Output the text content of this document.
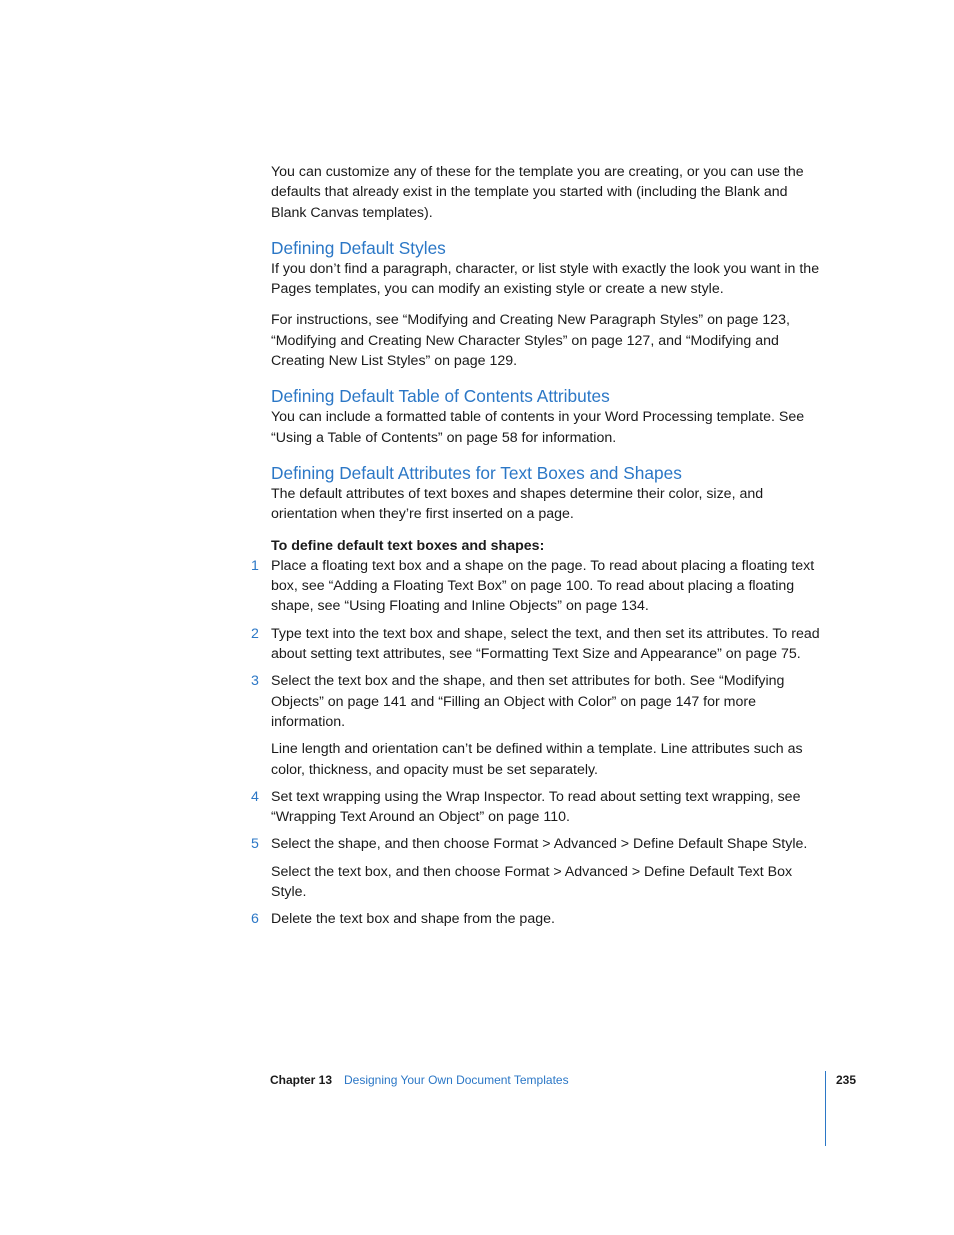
You can customize any of these for the template you are creating, or you can use the defaults that already exist in the template you started with (including the Blank and Blank Canvas templates).

Defining Default Styles

If you don’t find a paragraph, character, or list style with exactly the look you want in the Pages templates, you can modify an existing style or create a new style.

For instructions, see “Modifying and Creating New Paragraph Styles” on page 123, “Modifying and Creating New Character Styles” on page 127, and “Modifying and Creating New List Styles” on page 129.

Defining Default Table of Contents Attributes

You can include a formatted table of contents in your Word Processing template. See “Using a Table of Contents” on page 58 for information.

Defining Default Attributes for Text Boxes and Shapes

The default attributes of text boxes and shapes determine their color, size, and orientation when they’re first inserted on a page.

To define default text boxes and shapes:

1 Place a floating text box and a shape on the page. To read about placing a floating text box, see “Adding a Floating Text Box” on page 100. To read about placing a floating shape, see “Using Floating and Inline Objects” on page 134.

2 Type text into the text box and shape, select the text, and then set its attributes. To read about setting text attributes, see “Formatting Text Size and Appearance” on page 75.

3 Select the text box and the shape, and then set attributes for both. See “Modifying Objects” on page 141 and “Filling an Object with Color” on page 147 for more information.

Line length and orientation can’t be defined within a template. Line attributes such as color, thickness, and opacity must be set separately.

4 Set text wrapping using the Wrap Inspector. To read about setting text wrapping, see “Wrapping Text Around an Object” on page 110.

5 Select the shape, and then choose Format > Advanced > Define Default Shape Style.

Select the text box, and then choose Format > Advanced > Define Default Text Box Style.

6 Delete the text box and shape from the page.

Chapter 13 Designing Your Own Document Templates	235
